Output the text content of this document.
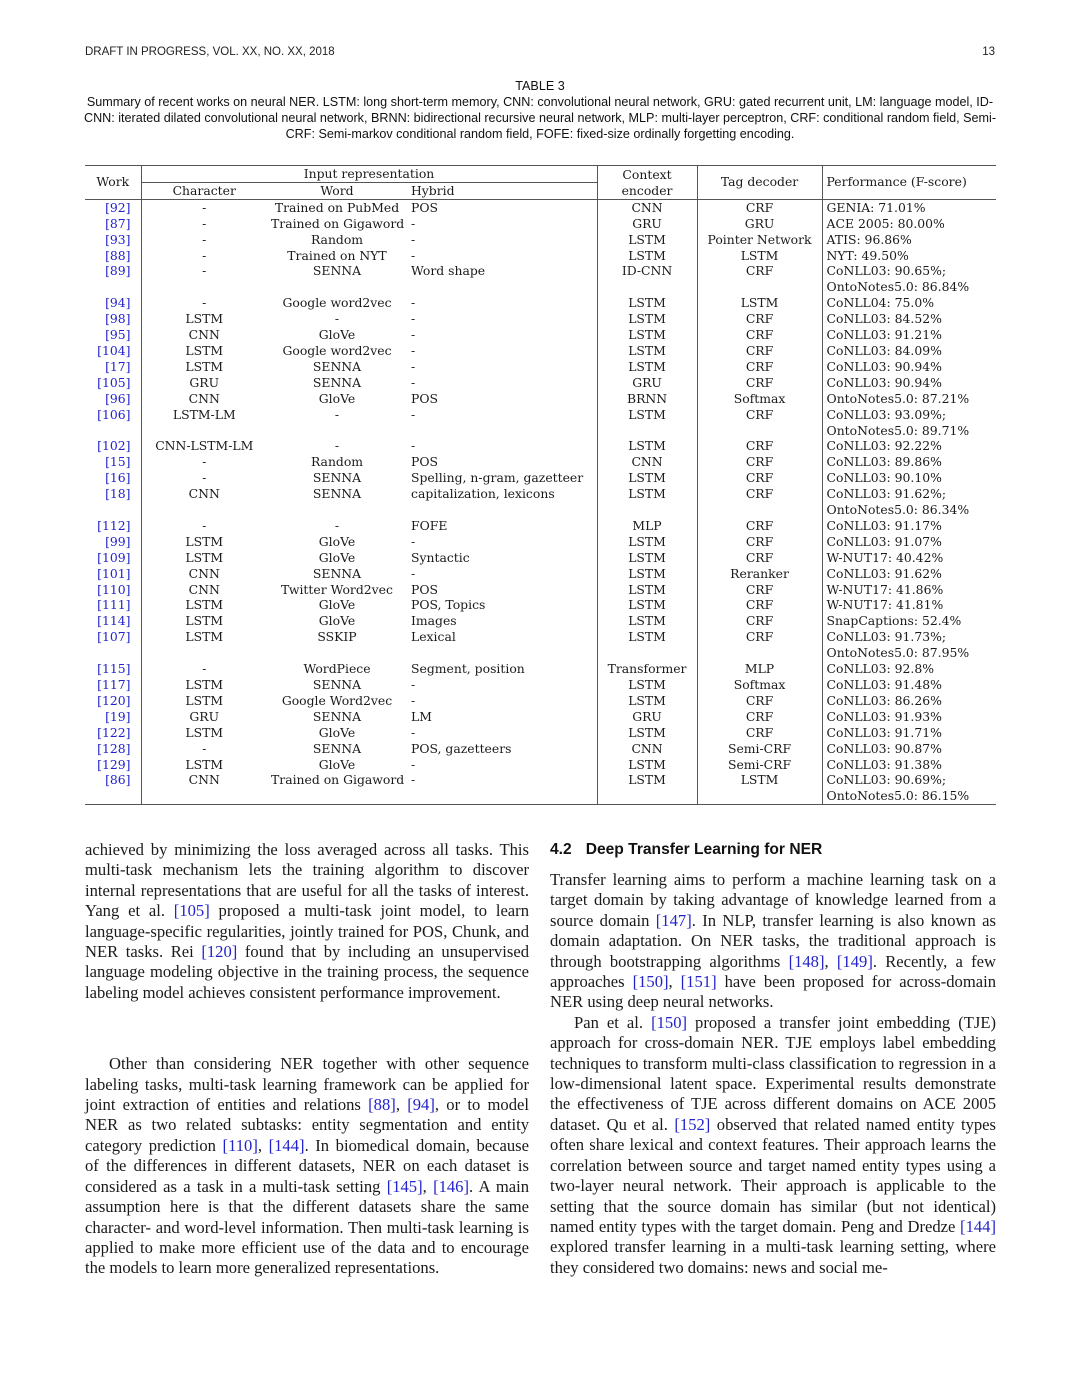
DRAFT IN PROGRESS, VOL. XX, NO. XX, 2018	13
TABLE 3
Summary of recent works on neural NER. LSTM: long short-term memory, CNN: convolutional neural network, GRU: gated recurrent unit, LM: language model, ID-CNN: iterated dilated convolutional neural network, BRNN: bidirectional recursive neural network, MLP: multi-layer perceptron, CRF: conditional random field, Semi-CRF: Semi-markov conditional random field, FOFE: fixed-size ordinally forgetting encoding.
Work	Input representation			Context	Tag decoder	Performance (F-score)
	Character	Word	Hybrid	encoder		
[92]	-	Trained on PubMed	POS	CNN	CRF	GENIA: 71.01%
[87]	-	Trained on Gigaword	-	GRU	GRU	ACE 2005: 80.00%
[93]	-	Random	-	LSTM	Pointer Network	ATIS: 96.86%
[88]	-	Trained on NYT	-	LSTM	LSTM	NYT: 49.50%
[89]	-	SENNA	Word shape	ID-CNN	CRF	CoNLL03: 90.65%;
						OntoNotes5.0: 86.84%
[94]	-	Google word2vec	-	LSTM	LSTM	CoNLL04: 75.0%
[98]	LSTM	-	-	LSTM	CRF	CoNLL03: 84.52%
[95]	CNN	GloVe	-	LSTM	CRF	CoNLL03: 91.21%
[104]	LSTM	Google word2vec	-	LSTM	CRF	CoNLL03: 84.09%
[17]	LSTM	SENNA	-	LSTM	CRF	CoNLL03: 90.94%
[105]	GRU	SENNA	-	GRU	CRF	CoNLL03: 90.94%
[96]	CNN	GloVe	POS	BRNN	Softmax	OntoNotes5.0: 87.21%
[106]	LSTM-LM	-	-	LSTM	CRF	CoNLL03: 93.09%;
						OntoNotes5.0: 89.71%
[102]	CNN-LSTM-LM	-	-	LSTM	CRF	CoNLL03: 92.22%
[15]	-	Random	POS	CNN	CRF	CoNLL03: 89.86%
[16]	-	SENNA	Spelling, n-gram, gazetteer	LSTM	CRF	CoNLL03: 90.10%
[18]	CNN	SENNA	capitalization, lexicons	LSTM	CRF	CoNLL03: 91.62%;
						OntoNotes5.0: 86.34%
[112]	-	-	FOFE	MLP	CRF	CoNLL03: 91.17%
[99]	LSTM	GloVe	-	LSTM	CRF	CoNLL03: 91.07%
[109]	LSTM	GloVe	Syntactic	LSTM	CRF	W-NUT17: 40.42%
[101]	CNN	SENNA	-	LSTM	Reranker	CoNLL03: 91.62%
[110]	CNN	Twitter Word2vec	POS	LSTM	CRF	W-NUT17: 41.86%
[111]	LSTM	GloVe	POS, Topics	LSTM	CRF	W-NUT17: 41.81%
[114]	LSTM	GloVe	Images	LSTM	CRF	SnapCaptions: 52.4%
[107]	LSTM	SSKIP	Lexical	LSTM	CRF	CoNLL03: 91.73%;
						OntoNotes5.0: 87.95%
[115]	-	WordPiece	Segment, position	Transformer	MLP	CoNLL03: 92.8%
[117]	LSTM	SENNA	-	LSTM	Softmax	CoNLL03: 91.48%
[120]	LSTM	Google Word2vec	-	LSTM	CRF	CoNLL03: 86.26%
[19]	GRU	SENNA	LM	GRU	CRF	CoNLL03: 91.93%
[122]	LSTM	GloVe	-	LSTM	CRF	CoNLL03: 91.71%
[128]	-	SENNA	POS, gazetteers	CNN	Semi-CRF	CoNLL03: 90.87%
[129]	LSTM	GloVe	-	LSTM	Semi-CRF	CoNLL03: 91.38%
[86]	CNN	Trained on Gigaword	-	LSTM	LSTM	CoNLL03: 90.69%;
						OntoNotes5.0: 86.15%

achieved by minimizing the loss averaged across all tasks. This multi-task mechanism lets the training algorithm to discover internal representations that are useful for all the tasks of interest. Yang et al. [105] proposed a multi-task joint model, to learn language-specific regularities, jointly trained for POS, Chunk, and NER tasks. Rei [120] found that by including an unsupervised language modeling objective in the training process, the sequence labeling model achieves consistent performance improvement.

Other than considering NER together with other sequence labeling tasks, multi-task learning framework can be applied for joint extraction of entities and relations [88], [94], or to model NER as two related subtasks: entity segmentation and entity category prediction [110], [144]. In biomedical domain, because of the differences in different datasets, NER on each dataset is considered as a task in a multi-task setting [145], [146]. A main assumption here is that the different datasets share the same character- and word-level information. Then multi-task learning is applied to make more efficient use of the data and to encourage the models to learn more generalized representations.

4.2 Deep Transfer Learning for NER

Transfer learning aims to perform a machine learning task on a target domain by taking advantage of knowledge learned from a source domain [147]. In NLP, transfer learning is also known as domain adaptation. On NER tasks, the traditional approach is through bootstrapping algorithms [148], [149]. Recently, a few approaches [150], [151] have been proposed for across-domain NER using deep neural networks.

Pan et al. [150] proposed a transfer joint embedding (TJE) approach for cross-domain NER. TJE employs label embedding techniques to transform multi-class classification to regression in a low-dimensional latent space. Experimental results demonstrate the effectiveness of TJE across different domains on ACE 2005 dataset. Qu et al. [152] observed that related named entity types often share lexical and context features. Their approach learns the correlation between source and target named entity types using a two-layer neural network. Their approach is applicable to the setting that the source domain has similar (but not identical) named entity types with the target domain. Peng and Dredze [144] explored transfer learning in a multi-task learning setting, where they considered two domains: news and social me-
